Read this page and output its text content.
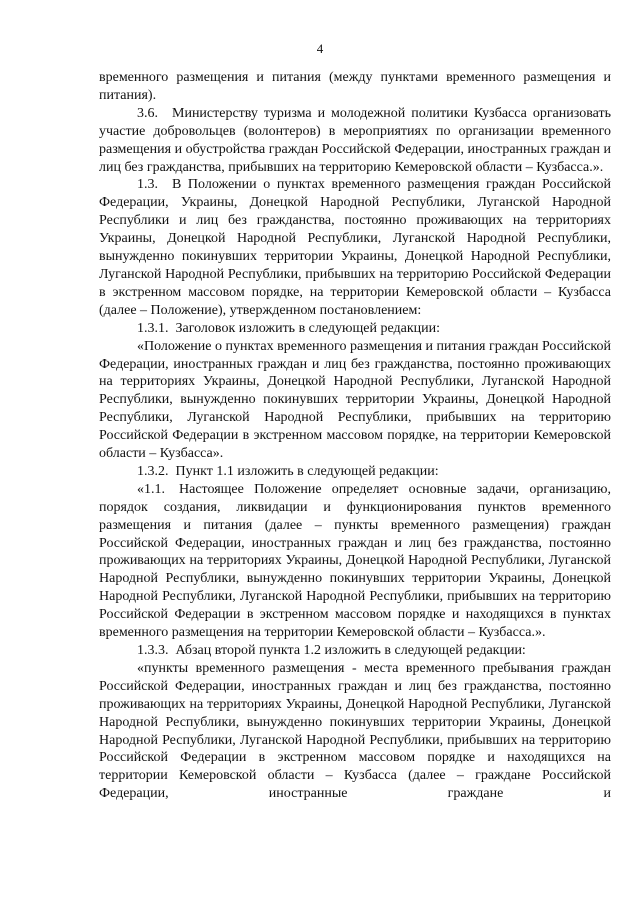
4

временного размещения и питания (между пунктами временного размещения и питания).

3.6. Министерству туризма и молодежной политики Кузбасса организовать участие добровольцев (волонтеров) в мероприятиях по организации временного размещения и обустройства граждан Российской Федерации, иностранных граждан и лиц без гражданства, прибывших на территорию Кемеровской области – Кузбасса.».

1.3. В Положении о пунктах временного размещения граждан Российской Федерации, Украины, Донецкой Народной Республики, Луганской Народной Республики и лиц без гражданства, постоянно проживающих на территориях Украины, Донецкой Народной Республики, Луганской Народной Республики, вынужденно покинувших территории Украины, Донецкой Народной Республики, Луганской Народной Республики, прибывших на территорию Российской Федерации в экстренном массовом порядке, на территории Кемеровской области – Кузбасса (далее – Положение), утвержденном постановлением:

1.3.1. Заголовок изложить в следующей редакции:

«Положение о пунктах временного размещения и питания граждан Российской Федерации, иностранных граждан и лиц без гражданства, постоянно проживающих на территориях Украины, Донецкой Народной Республики, Луганской Народной Республики, вынужденно покинувших территории Украины, Донецкой Народной Республики, Луганской Народной Республики, прибывших на территорию Российской Федерации в экстренном массовом порядке, на территории Кемеровской области – Кузбасса».

1.3.2. Пункт 1.1 изложить в следующей редакции:

«1.1. Настоящее Положение определяет основные задачи, организацию, порядок создания, ликвидации и функционирования пунктов временного размещения и питания (далее – пункты временного размещения) граждан Российской Федерации, иностранных граждан и лиц без гражданства, постоянно проживающих на территориях Украины, Донецкой Народной Республики, Луганской Народной Республики, вынужденно покинувших территории Украины, Донецкой Народной Республики, Луганской Народной Республики, прибывших на территорию Российской Федерации в экстренном массовом порядке и находящихся в пунктах временного размещения на территории Кемеровской области – Кузбасса.».

1.3.3. Абзац второй пункта 1.2 изложить в следующей редакции:

«пункты временного размещения - места временного пребывания граждан Российской Федерации, иностранных граждан и лиц без гражданства, постоянно проживающих на территориях Украины, Донецкой Народной Республики, Луганской Народной Республики, вынужденно покинувших территории Украины, Донецкой Народной Республики, Луганской Народной Республики, прибывших на территорию Российской Федерации в экстренном массовом порядке и находящихся на территории Кемеровской области – Кузбасса (далее – граждане Российской Федерации, иностранные граждане и
